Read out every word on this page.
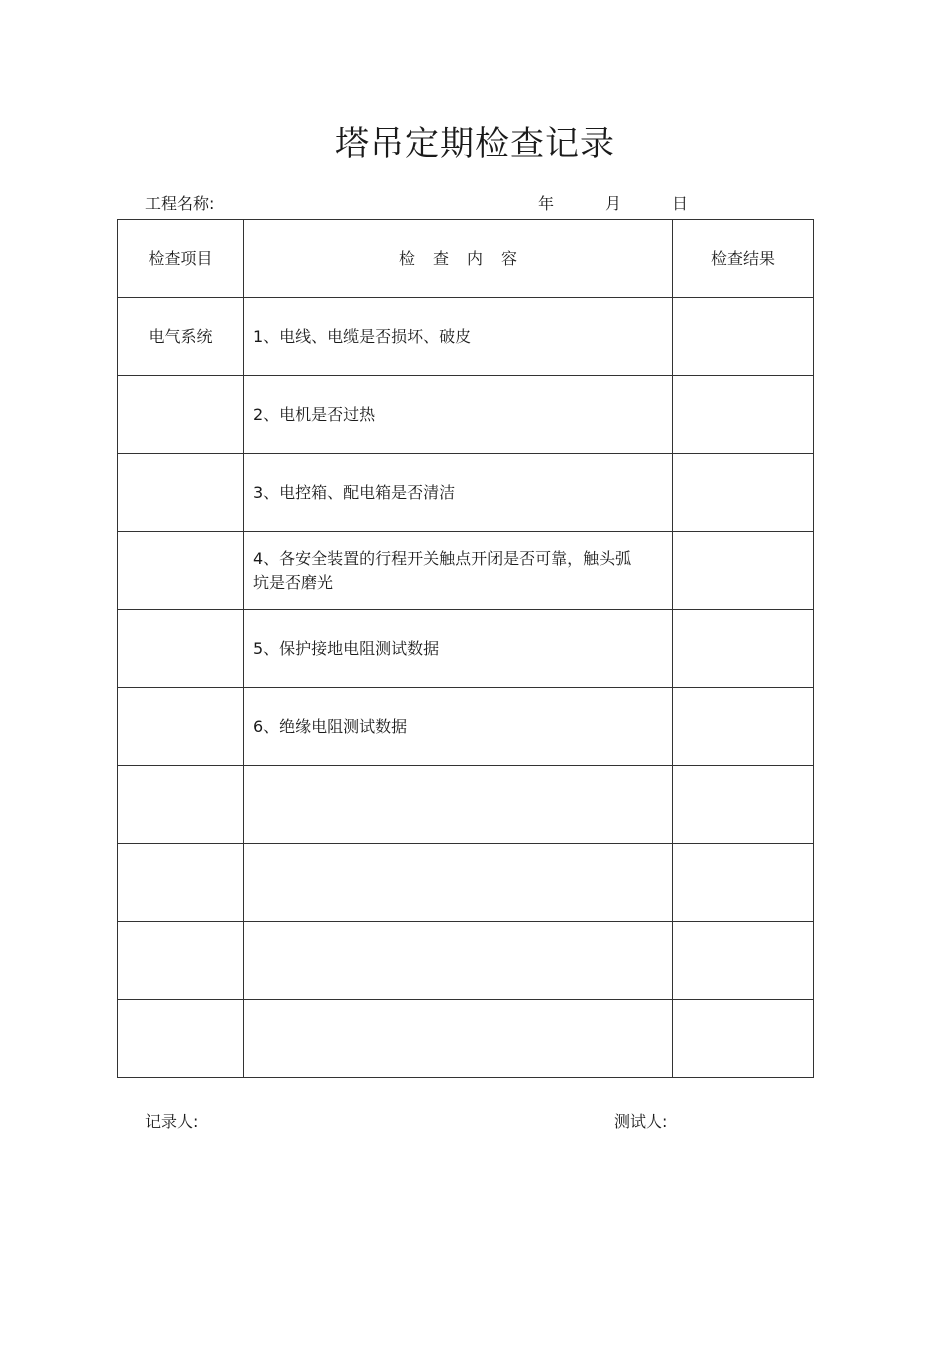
塔吊定期检查记录
工程名称:	年	月	日
检查项目	检 查 内 容	检查结果
电气系统	1、电线、电缆是否损坏、破皮	
	2、电机是否过热	
	3、电控箱、配电箱是否清洁	
	4、各安全装置的行程开关触点开闭是否可靠，触头弧坑是否磨光	
	5、保护接地电阻测试数据	
	6、绝缘电阻测试数据	

记录人:	测试人:
